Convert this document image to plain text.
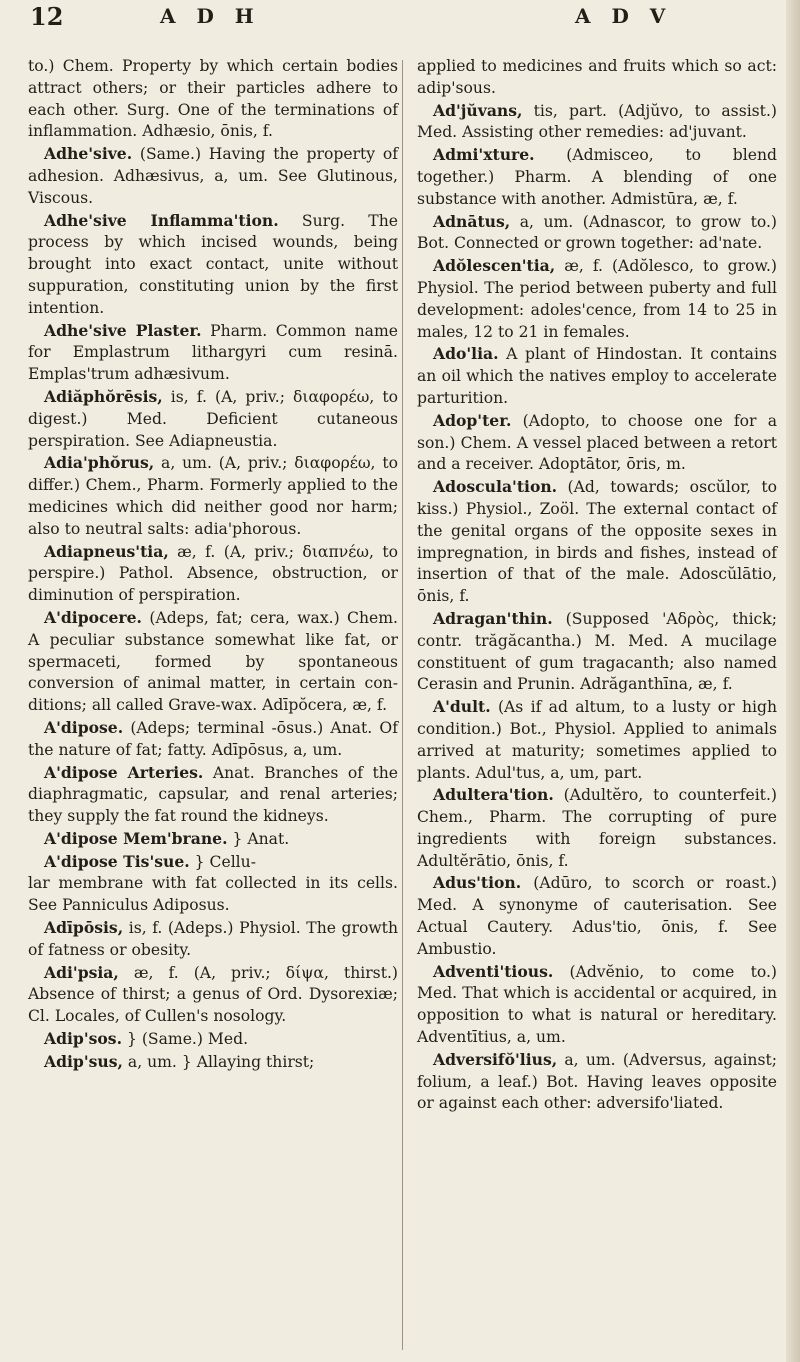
12	A D H	A D V

to.) Chem. Property by which certain bodies attract others; or their particles adhere to each other. Surg. One of the terminations of inflammation. Adhæsio, ōnis, f.

Adhe'sive. (Same.) Having the property of adhesion. Adhæsivus, a, um. See Glutinous, Viscous.

Adhe'sive Inflamma'tion. Surg. The process by which incised wounds, being brought into exact contact, unite without suppuration, constituting union by the first intention.

Adhe'sive Plaster. Pharm. Common name for Emplastrum lithargyri cum resinā. Emplas'trum adhæsivum.

Adiăphŏrēsis, is, f. (A, priv.; διαφορέω, to digest.) Med. Deficient cutaneous perspiration. See Adiapneustia.

Adia'phŏrus, a, um. (A, priv.; διαφορέω, to differ.) Chem., Pharm. Formerly applied to the medicines which did neither good nor harm; also to neutral salts: adia'phorous.

Adiapneus'tia, æ, f. (A, priv.; διαπνέω, to perspire.) Pathol. Absence, obstruction, or diminution of perspiration.

A'dipocere. (Adeps, fat; cera, wax.) Chem. A peculiar substance somewhat like fat, or spermaceti, formed by spontaneous conversion of animal matter, in certain conditions; all called Grave-wax. Adīpŏcera, æ, f.

A'dipose. (Adeps; terminal -ōsus.) Anat. Of the nature of fat; fatty. Adīpōsus, a, um.

A'dipose Arteries. Anat. Branches of the diaphragmatic, capsular, and renal arteries; they supply the fat round the kidneys.

A'dipose Mem'brane. } Anat.
A'dipose Tis'sue. } Cellu-

lar membrane with fat collected in its cells. See Panniculus Adiposus.

Adīpōsis, is, f. (Adeps.) Physiol. The growth of fatness or obesity.

Adi'psia, æ, f. (A, priv.; δίψα, thirst.) Absence of thirst; a genus of Ord. Dysorexiæ; Cl. Locales, of Cullen's nosology.

Adip'sos. } (Same.) Med.
Adip'sus, a, um. } Allaying thirst;

applied to medicines and fruits which so act: adip'sous.

Ad'jŭvans, tis, part. (Adjŭvo, to assist.) Med. Assisting other remedies: ad'juvant.

Admi'xture. (Admisceo, to blend together.) Pharm. A blending of one substance with another. Admistūra, æ, f.

Adnātus, a, um. (Adnascor, to grow to.) Bot. Connected or grown together: ad'nate.

Adŏlescen'tia, æ, f. (Adŏlesco, to grow.) Physiol. The period between puberty and full development: adoles'cence, from 14 to 25 in males, 12 to 21 in females.

Ado'lia. A plant of Hindostan. It contains an oil which the natives employ to accelerate parturition.

Adop'ter. (Adopto, to choose one for a son.) Chem. A vessel placed between a retort and a receiver. Adoptātor, ōris, m.

Adoscula'tion. (Ad, towards; oscŭlor, to kiss.) Physiol., Zoöl. The external contact of the genital organs of the opposite sexes in impregnation, in birds and fishes, instead of insertion of that of the male. Adoscŭlātio, ōnis, f.

Adragan'thin. (Supposed 'Αδρὸς, thick; contr. trăgăcantha.) M. Med. A mucilage constituent of gum tragacanth; also named Cerasin and Prunin. Adrăganthīna, æ, f.

A'dult. (As if ad altum, to a lusty or high condition.) Bot., Physiol. Applied to animals arrived at maturity; sometimes applied to plants. Adul'tus, a, um, part.

Adultera'tion. (Adultĕro, to counterfeit.) Chem., Pharm. The corrupting of pure ingredients with foreign substances. Adultĕrātio, ōnis, f.

Adus'tion. (Adūro, to scorch or roast.) Med. A synonyme of cauterisation. See Actual Cautery. Adus'tio, ōnis, f. See Ambustio.

Adventi'tious. (Advĕnio, to come to.) Med. That which is accidental or acquired, in opposition to what is natural or hereditary. Adventītius, a, um.

Adversifŏ'lius, a, um. (Adversus, against; folium, a leaf.) Bot. Having leaves opposite or against each other: adversifo'liated.
